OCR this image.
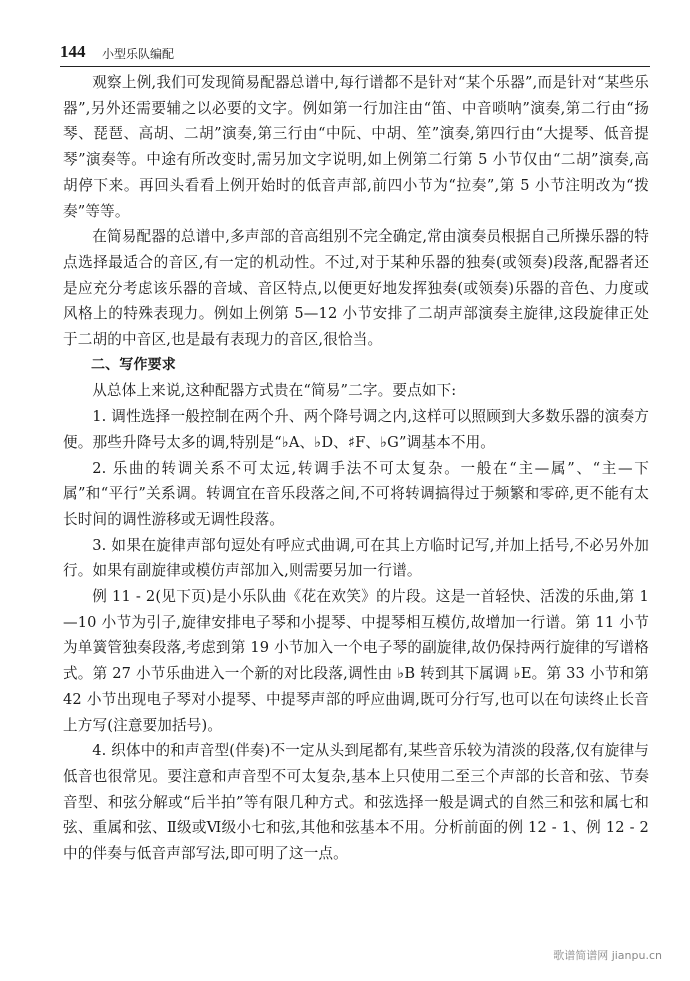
144 小型乐队编配

观察上例,我们可发现简易配器总谱中,每行谱都不是针对“某个乐器”,而是针对“某些乐器”,另外还需要辅之以必要的文字。例如第一行加注由“笛、中音唢呐”演奏,第二行由“扬琴、琵琶、高胡、二胡”演奏,第三行由“中阮、中胡、笙”演奏,第四行由“大提琴、低音提琴”演奏等。中途有所改变时,需另加文字说明,如上例第二行第 5 小节仅由“二胡”演奏,高胡停下来。再回头看看上例开始时的低音声部,前四小节为“拉奏”,第 5 小节注明改为“拨奏”等等。

在简易配器的总谱中,多声部的音高组别不完全确定,常由演奏员根据自己所操乐器的特点选择最适合的音区,有一定的机动性。不过,对于某种乐器的独奏(或领奏)段落,配器者还是应充分考虑该乐器的音域、音区特点,以便更好地发挥独奏(或领奏)乐器的音色、力度或风格上的特殊表现力。例如上例第 5—12 小节安排了二胡声部演奏主旋律,这段旋律正处于二胡的中音区,也是最有表现力的音区,很恰当。

二、写作要求

从总体上来说,这种配器方式贵在“简易”二字。要点如下:

1. 调性选择一般控制在两个升、两个降号调之内,这样可以照顾到大多数乐器的演奏方便。那些升降号太多的调,特别是“♭A、♭D、♯F、♭G”调基本不用。

2. 乐曲的转调关系不可太远,转调手法不可太复杂。一般在“主—属”、“主—下属”和“平行”关系调。转调宜在音乐段落之间,不可将转调搞得过于频繁和零碎,更不能有太长时间的调性游移或无调性段落。

3. 如果在旋律声部句逗处有呼应式曲调,可在其上方临时记写,并加上括号,不必另外加行。如果有副旋律或模仿声部加入,则需要另加一行谱。

例 11 - 2(见下页)是小乐队曲《花在欢笑》的片段。这是一首轻快、活泼的乐曲,第 1—10 小节为引子,旋律安排电子琴和小提琴、中提琴相互模仿,故增加一行谱。第 11 小节为单簧管独奏段落,考虑到第 19 小节加入一个电子琴的副旋律,故仍保持两行旋律的写谱格式。第 27 小节乐曲进入一个新的对比段落,调性由 ♭B 转到其下属调 ♭E。第 33 小节和第 42 小节出现电子琴对小提琴、中提琴声部的呼应曲调,既可分行写,也可以在句读终止长音上方写(注意要加括号)。

4. 织体中的和声音型(伴奏)不一定从头到尾都有,某些音乐较为清淡的段落,仅有旋律与低音也很常见。要注意和声音型不可太复杂,基本上只使用二至三个声部的长音和弦、节奏音型、和弦分解或“后半拍”等有限几种方式。和弦选择一般是调式的自然三和弦和属七和弦、重属和弦、Ⅱ级或Ⅵ级小七和弦,其他和弦基本不用。分析前面的例 12 - 1、例 12 - 2 中的伴奏与低音声部写法,即可明了这一点。

歌谱简谱网 jianpu.cn
